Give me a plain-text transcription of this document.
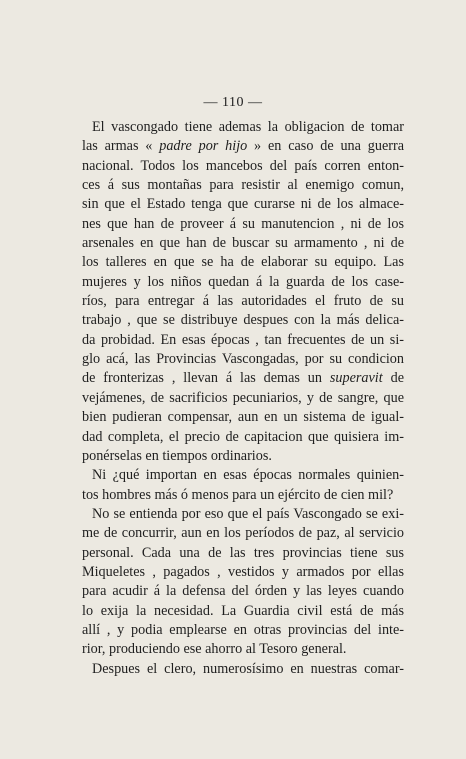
— 110 —
El vascongado tiene ademas la obligacion de tomar
las armas « padre por hijo » en caso de una guerra
nacional. Todos los mancebos del país corren enton-
ces á sus montañas para resistir al enemigo comun,
sin que el Estado tenga que curarse ni de los almace-
nes que han de proveer á su manutencion , ni de los
arsenales en que han de buscar su armamento , ni de
los talleres en que se ha de elaborar su equipo. Las
mujeres y los niños quedan á la guarda de los case-
ríos, para entregar á las autoridades el fruto de su
trabajo , que se distribuye despues con la más delica-
da probidad. En esas épocas , tan frecuentes de un si-
glo acá, las Provincias Vascongadas, por su condicion
de fronterizas , llevan á las demas un superavit de
vejámenes, de sacrificios pecuniarios, y de sangre, que
bien pudieran compensar, aun en un sistema de igual-
dad completa, el precio de capitacion que quisiera im-
ponérselas en tiempos ordinarios.
Ni ¿qué importan en esas épocas normales quinien-
tos hombres más ó menos para un ejército de cien mil?
No se entienda por eso que el país Vascongado se exi-
me de concurrir, aun en los períodos de paz, al servicio
personal. Cada una de las tres provincias tiene sus
Miqueletes , pagados , vestidos y armados por ellas
para acudir á la defensa del órden y las leyes cuando
lo exija la necesidad. La Guardia civil está de más
allí , y podia emplearse en otras provincias del inte-
rior, produciendo ese ahorro al Tesoro general.
Despues el clero, numerosísimo en nuestras comar-
